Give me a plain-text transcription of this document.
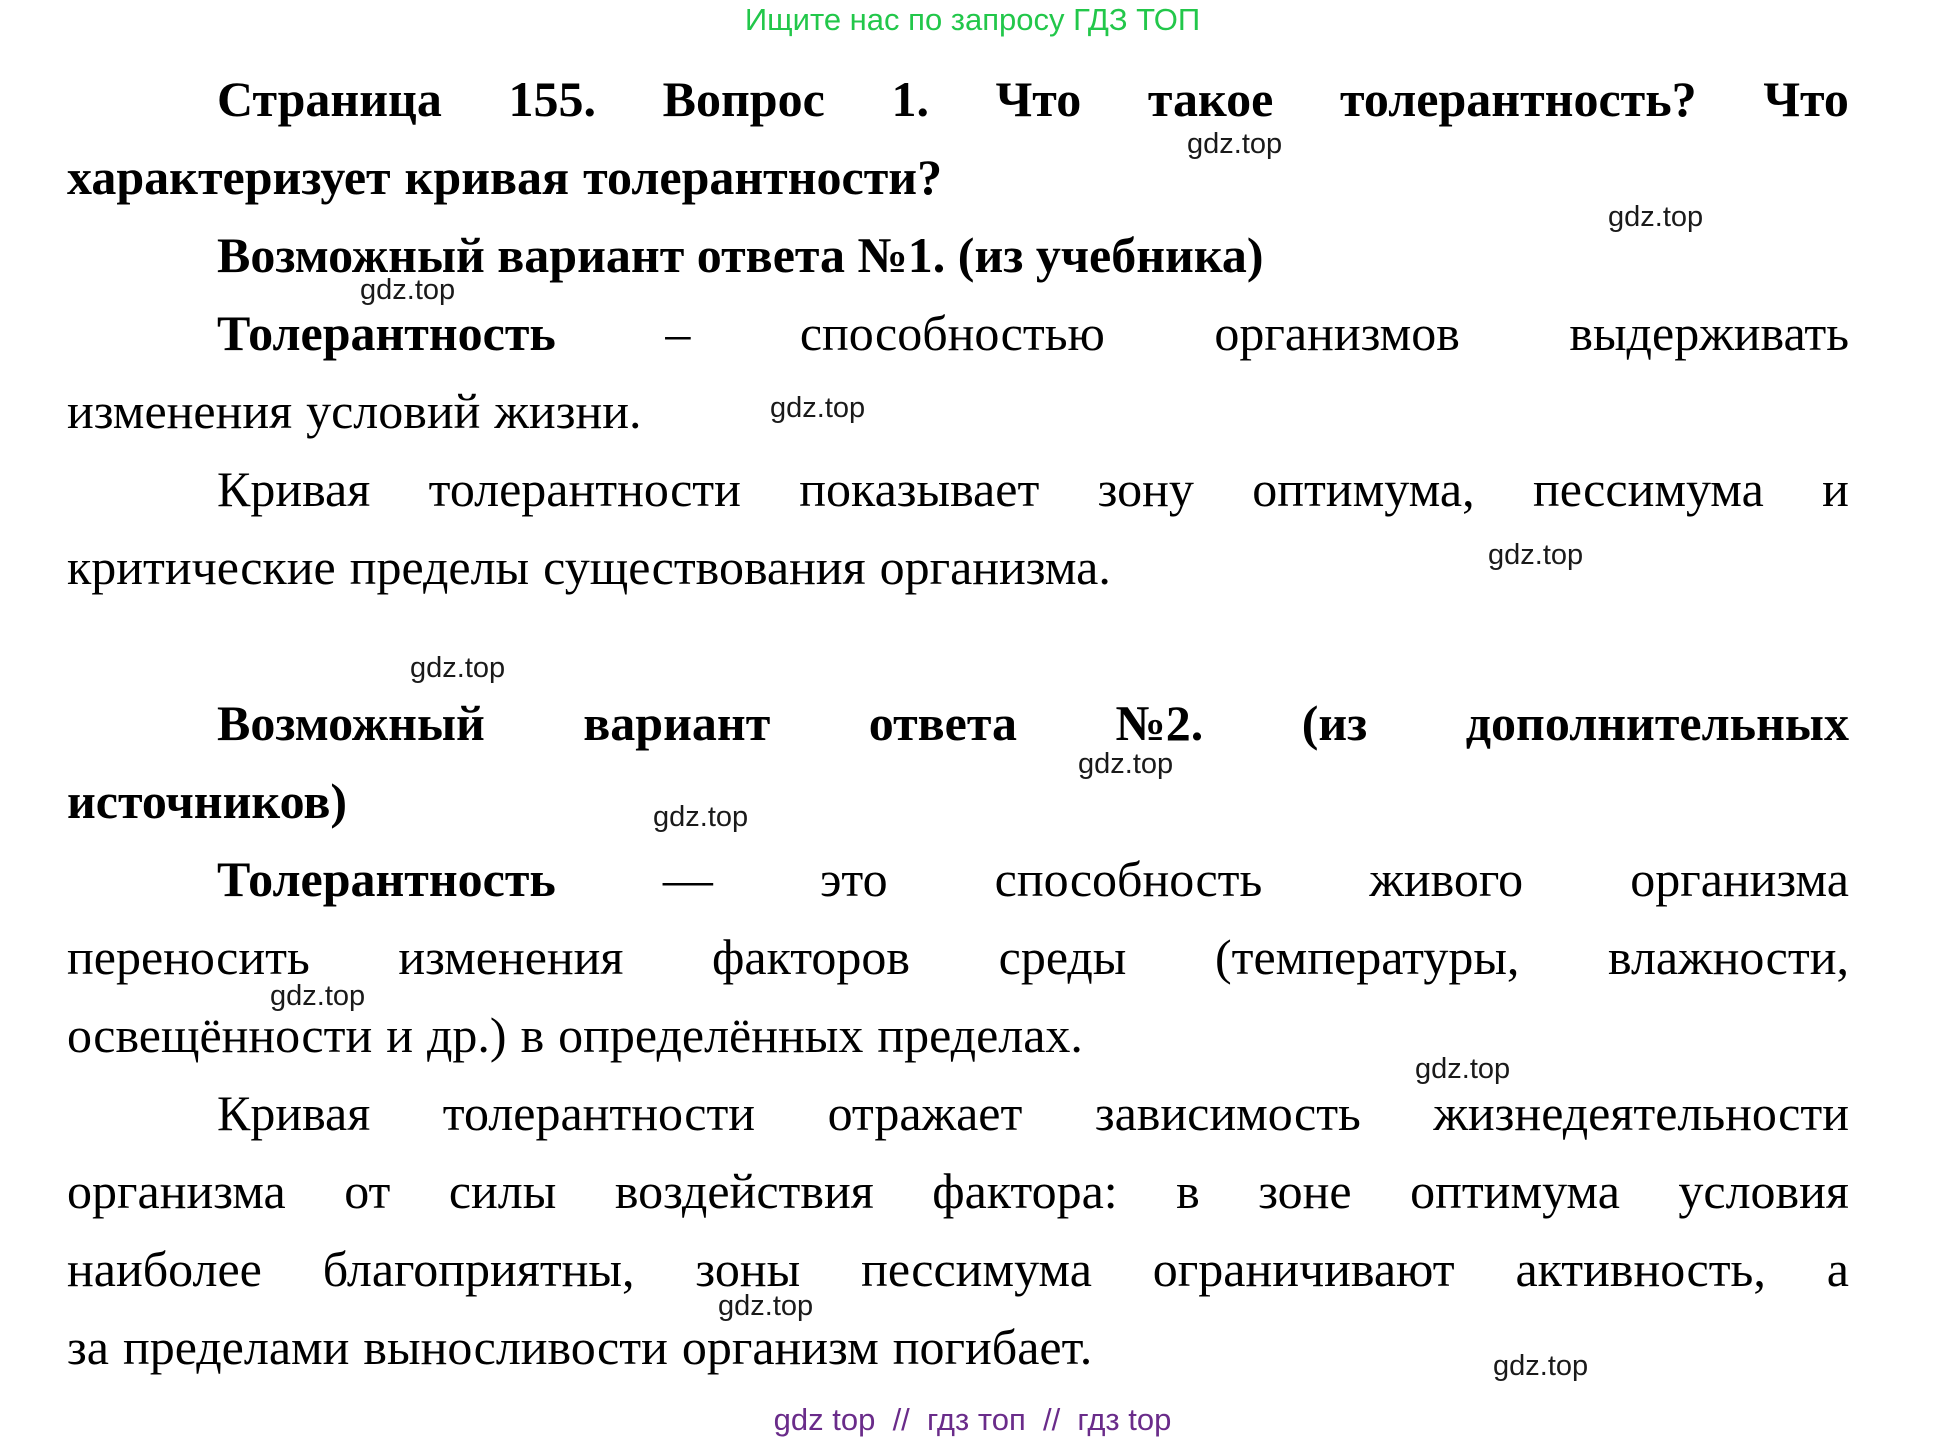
Ищите нас по запросу ГДЗ ТОП
Страница 155. Вопрос 1. Что такое толерантность? Что
характеризует кривая толерантности?
Возможный вариант ответа №1. (из учебника)
Толерантность – способностью организмов выдерживать
изменения условий жизни.
Кривая толерантности показывает зону оптимума, пессимума и
критические пределы существования организма.
Возможный вариант ответа №2. (из дополнительных
источников)
Толерантность — это способность живого организма
переносить изменения факторов среды (температуры, влажности,
освещённости и др.) в определённых пределах.
Кривая толерантности отражает зависимость жизнедеятельности
организма от силы воздействия фактора: в зоне оптимума условия
наиболее благоприятны, зоны пессимума ограничивают активность, а
за пределами выносливости организм погибает.
gdz.top
gdz.top
gdz.top
gdz.top
gdz.top
gdz.top
gdz.top
gdz.top
gdz.top
gdz.top
gdz.top
gdz.top
gdz top  //  гдз топ  //  гдз top
